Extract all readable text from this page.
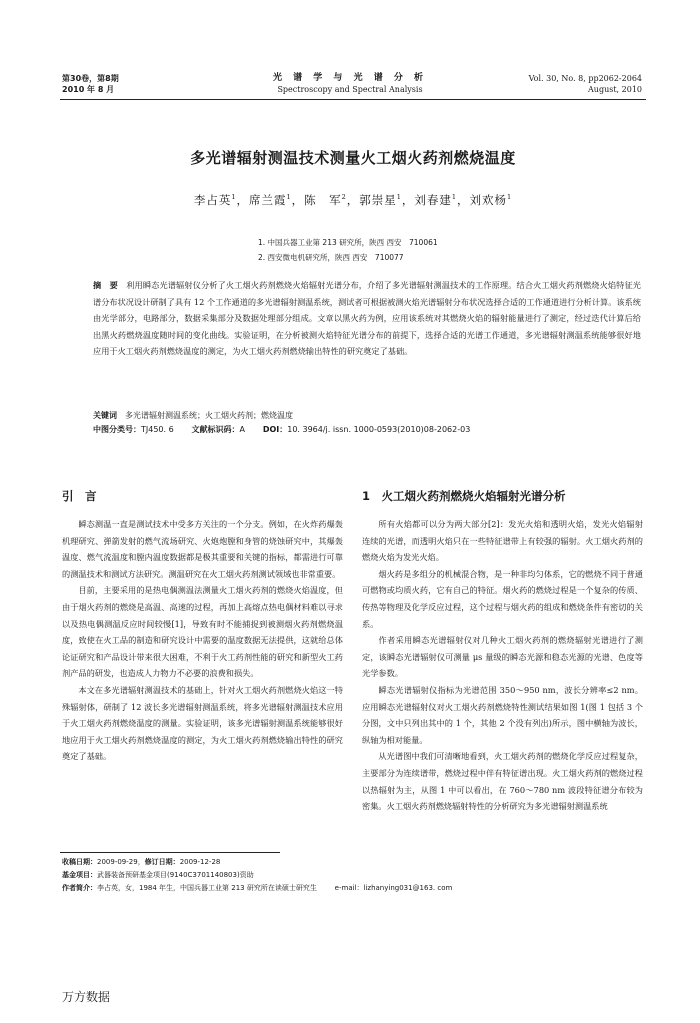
第30卷，第8期
2010 年 8 月
光 谱 学 与 光 谱 分 析
Spectroscopy and Spectral Analysis
Vol. 30, No. 8, pp2062-2064
August, 2010
多光谱辐射测温技术测量火工烟火药剂燃烧温度
李占英$^1$，席兰霞$^1$，陈　军$^2$，郭崇星$^1$，刘春建$^1$，刘欢杨$^1$
1. 中国兵器工业第 213 研究所，陕西 西安　710061
2. 西安微电机研究所，陕西 西安　710077
摘　要　 利用瞬态光谱辐射仪分析了火工烟火药剂燃烧火焰辐射光谱分布，介绍了多光谱辐射测温技术的工作原理。结合火工烟火药剂燃烧火焰特征光谱分布状况设计研制了具有 12 个工作通道的多光谱辐射测温系统，测试者可根据被测火焰光谱辐射分布状况选择合适的工作通道进行分析计算。该系统由光学部分，电路部分，数据采集部分及数据处理部分组成。文章以黑火药为例，应用该系统对其燃烧火焰的辐射能量进行了测定，经过迭代计算后给出黑火药燃烧温度随时间的变化曲线。实验证明，在分析被测火焰特征光谱分布的前提下，选择合适的光谱工作通道，多光谱辐射测温系统能够很好地应用于火工烟火药剂燃烧温度的测定，为火工烟火药剂燃烧输出特性的研究奠定了基础。
关键词　 多光谱辐射测温系统；火工烟火药剂；燃烧温度
中图分类号：TJ450. 6 文献标识码：A DOI：10. 3964/j. issn. 1000-0593(2010)08-2062-03
引　言	1　火工烟火药剂燃烧火焰辐射光谱分析

瞬态测温一直是测试技术中受多方关注的一个分支。例如，在火炸药爆轰机理研究、弹箭发射的燃气流场研究、火炮炮膛和身管的烧蚀研究中，其爆轰温度、燃气流温度和膛内温度数据都是极其重要和关键的指标，都需进行可靠的测温技术和测试方法研究。测温研究在火工烟火药剂测试领域也非常重要。

目前，主要采用的是热电偶测温法测量火工烟火药剂的燃烧火焰温度，但由于烟火药剂的燃烧是高温、高速的过程，再加上高熔点热电偶材料难以寻求以及热电偶测温反应时间较慢[1]，导致有时不能捕捉到被测烟火药剂燃烧温度，致使在火工品的制造和研究设计中需要的温度数据无法提供，这就给总体论证研究和产品设计带来很大困难，不利于火工药剂性能的研究和新型火工药剂产品的研发，也造成人力物力不必要的浪费和损失。

本文在多光谱辐射测温技术的基础上，针对火工烟火药剂燃烧火焰这一特殊辐射体，研制了 12 波长多光谱辐射测温系统，将多光谱辐射测温技术应用于火工烟火药剂燃烧温度的测量。实验证明，该多光谱辐射测温系统能够很好地应用于火工烟火药剂燃烧温度的测定，为火工烟火药剂燃烧输出特性的研究奠定了基础。

所有火焰都可以分为两大部分[2]：发光火焰和透明火焰，发光火焰辐射连续的光谱，而透明火焰只在一些特征谱带上有较强的辐射。火工烟火药剂的燃烧火焰为发光火焰。

烟火药是多组分的机械混合物，是一种非均匀体系，它的燃烧不同于普通可燃物或均质火药，它有自己的特征。烟火药的燃烧过程是一个复杂的传质、传热等物理及化学反应过程，这个过程与烟火药的组成和燃烧条件有密切的关系。

作者采用瞬态光谱辐射仪对几种火工烟火药剂的燃烧辐射光谱进行了测定，该瞬态光谱辐射仪可测量 μs 量级的瞬态光源和稳态光源的光谱、色度等光学参数。

瞬态光谱辐射仪指标为光谱范围 350～950 nm，波长分辨率≤2 nm。应用瞬态光谱辐射仪对火工烟火药剂燃烧特性测试结果如图 1(图 1 包括 3 个分图，文中只列出其中的 1 个，其他 2 个没有列出)所示，图中横轴为波长，纵轴为相对能量。

从光谱图中我们可清晰地看到，火工烟火药剂的燃烧化学反应过程复杂，主要部分为连续谱带，燃烧过程中伴有特征谱出现。火工烟火药剂的燃烧过程以热辐射为主，从图 1 中可以看出，在 760～780 nm 波段特征谱分布较为密集。火工烟火药剂燃烧辐射特性的分析研究为多光谱辐射测温系统

收稿日期：2009-09-29，修订日期：2009-12-28
基金项目：武器装备预研基金项目(9140C3701140803)资助
作者简介：李占英，女，1984 年生，中国兵器工业第 213 研究所在读硕士研究生	e-mail：lizhanying031@163. com
万方数据
